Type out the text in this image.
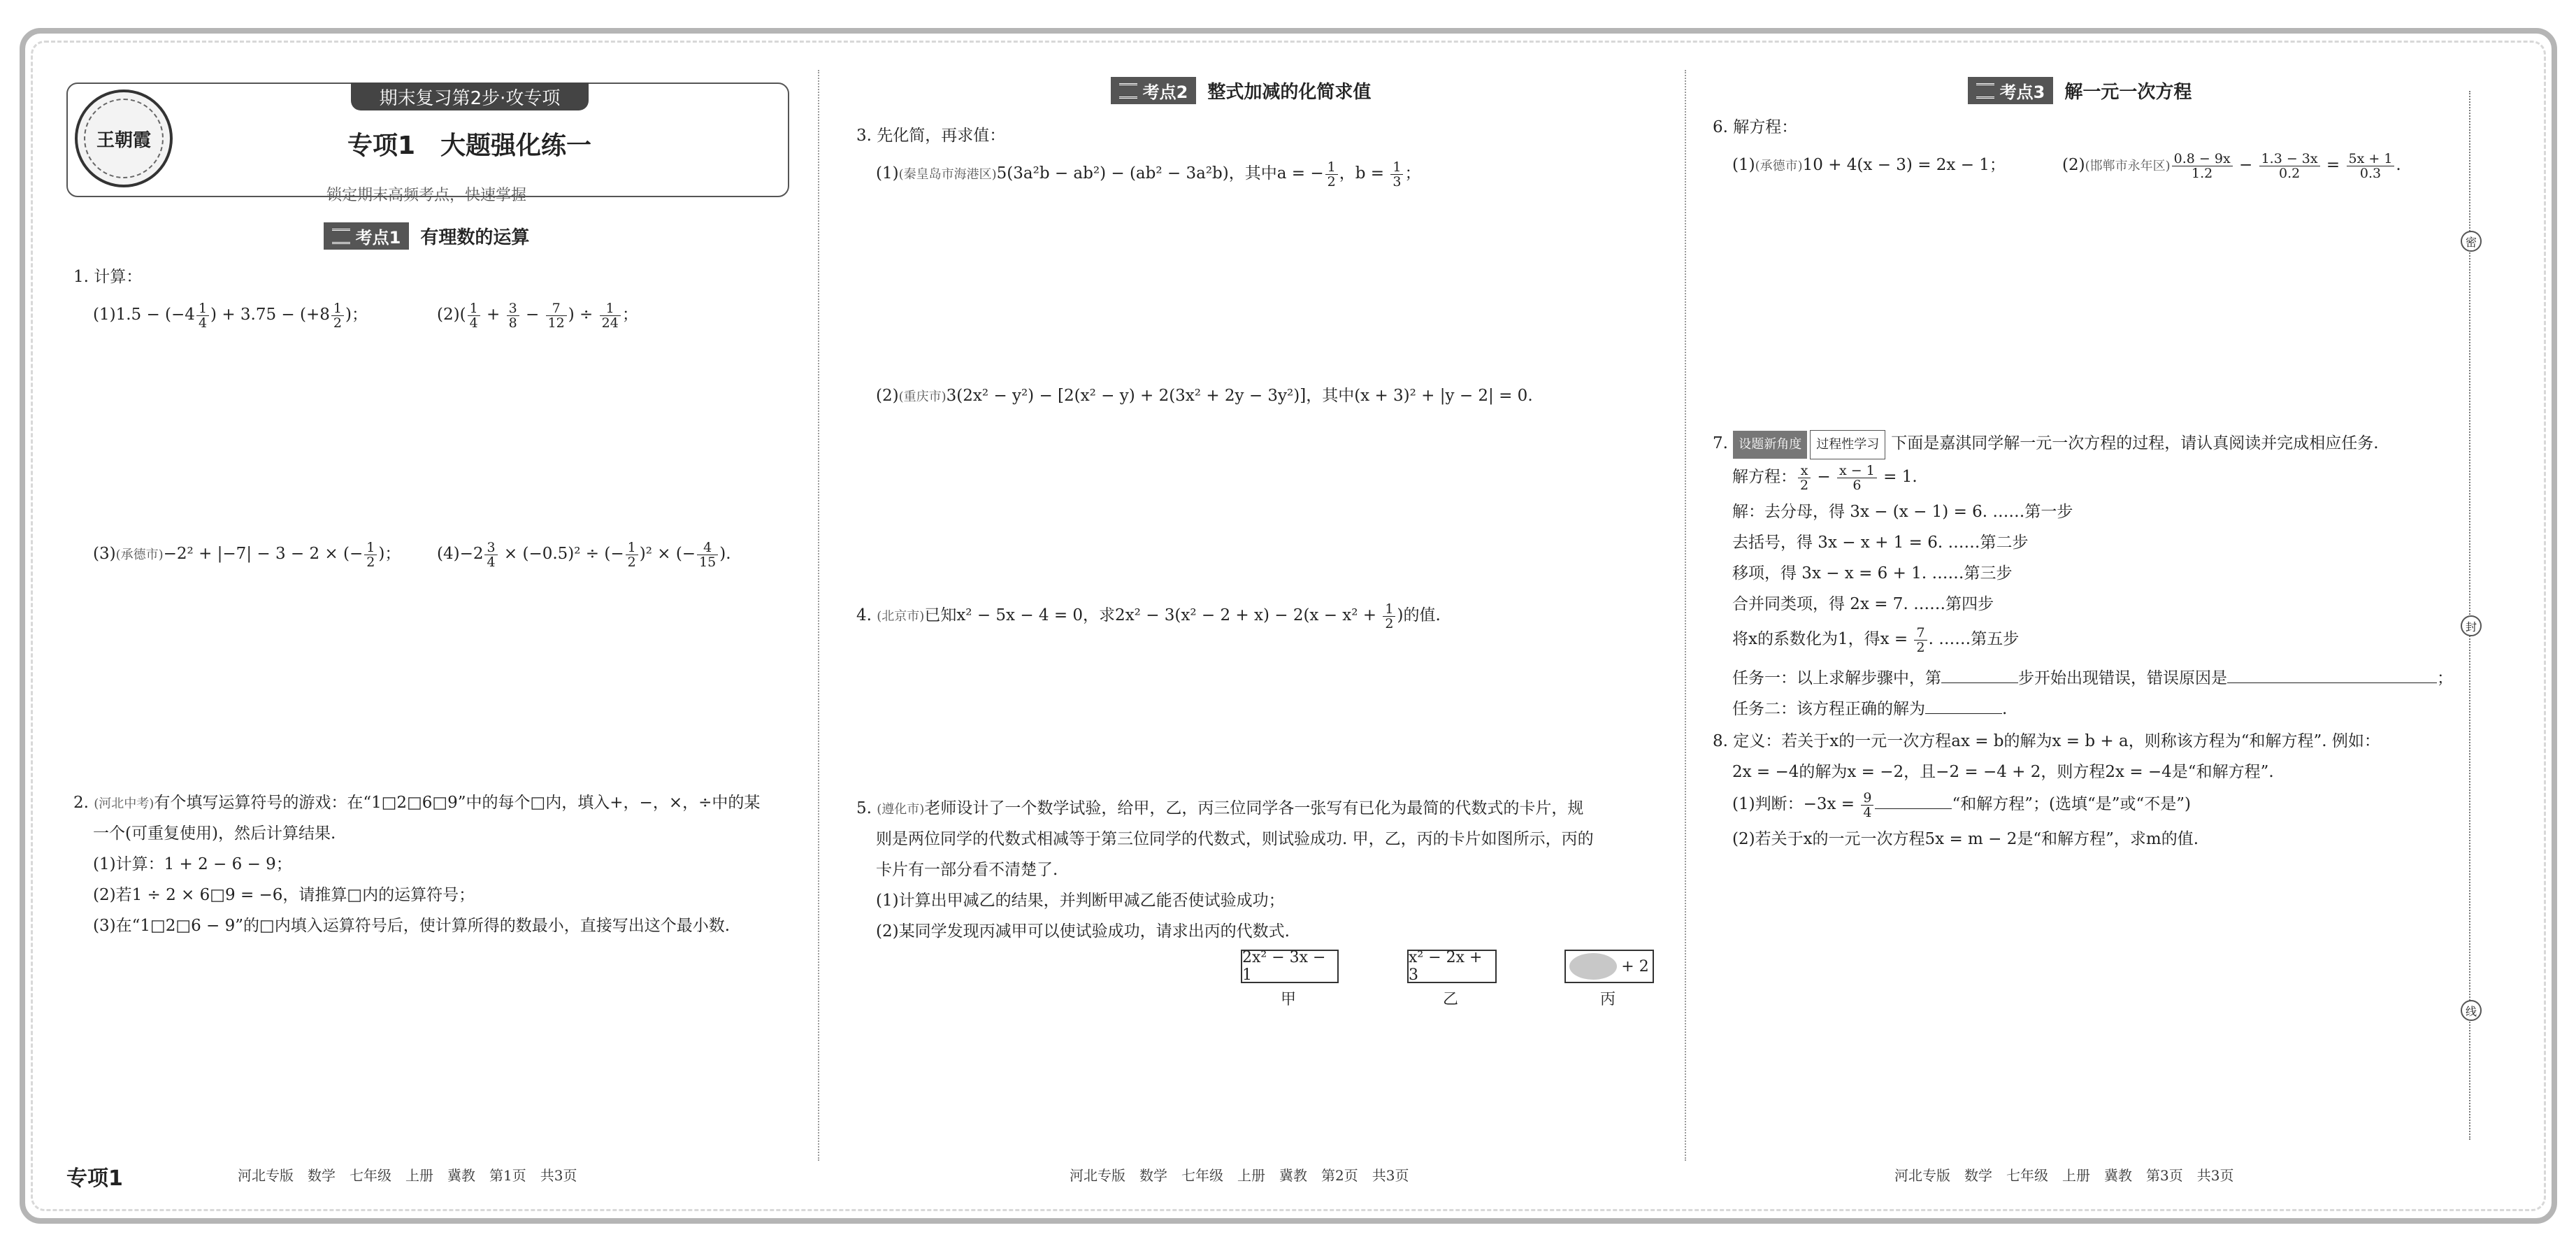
王朝霞
期末复习第2步·攻专项
专项1　大题强化练一
锁定期末高频考点，快速掌握
考点1 有理数的运算
1. 计算：
$(1)1.5 - (-4 \frac{1}{4}$ ) + $3.75 - (+8 \frac{1}{2}$ )；	$(2)( \frac{1}{4} + \frac{3}{8} - \frac{7}{12}$ ) ÷ $\frac{1}{24}$ ；
(3)(承德市)−2² + |−7| − 3 − 2 × (− $\frac{1}{2}$ )； $(4)-2 \frac{3}{4} \times (-0.5)^2$ ÷ (− $\frac{1}{2} )^2$ × (− $\frac{4}{15}$ ).
2. (河北中考)有个填写运算符号的游戏：在“1□2□6□9”中的每个□内，填入+，−，×，÷中的某
一个(可重复使用)，然后计算结果.
(1)计算：1 + 2 − 6 − 9；
(2)若1 ÷ 2 × 6□9 = −6，请推算□内的运算符号；
(3)在“1□2□6 − 9”的□内填入运算符号后，使计算所得的数最小，直接写出这个最小数.
考点2 整式加减的化简求值
3. 先化简，再求值：
(1)(秦皇岛市海港区)5(3a²b − ab²) − (ab² − 3a²b)，其中a = − $\frac{1}{2}$ ，$b = \frac{1}{3}$ ；
(2)(重庆市)3(2x² − y²) − [2(x² − y) + 2(3x² + 2y − 3y²)]，其中(x + 3)² + |y − 2| = 0.
4. (北京市)已知x² − 5x − 4 = 0，求$2x^2 - 3(x^2 - 2 + x) - 2(x - x^2 + \frac{1}{2}$ )的值.
5. (遵化市)老师设计了一个数学试验，给甲，乙，丙三位同学各一张写有已化为最简的代数式的卡片，规
则是两位同学的代数式相减等于第三位同学的代数式，则试验成功. 甲，乙，丙的卡片如图所示，丙的
卡片有一部分看不清楚了.
(1)计算出甲减乙的结果，并判断甲减乙能否使试验成功；
(2)某同学发现丙减甲可以使试验成功，请求出丙的代数式.
2x² − 3x − 1
甲
x² − 2x + 3
乙
+ 2
丙
考点3 解一元一次方程
6. 解方程：
(1)(承德市)10 + 4(x − 3) = 2x − 1；	(2)(邯郸市永年区) $\frac{0.8 - 9x}{1.2} - \frac{1.3 - 3x}{0.2} = \frac{5x + 1}{0.3}$ .
7. 设题新角度 过程性学习 下面是嘉淇同学解一元一次方程的过程，请认真阅读并完成相应任务.
解方程： $\frac{x}{2} - \frac{x - 1}{6} = 1$.
解：去分母，得 3x − (x − 1) = 6. ……第一步
去括号，得 3x − x + 1 = 6. ……第二步
移项，得 3x − x = 6 + 1. ……第三步
合并同类项，得 2x = 7. ……第四步
将x的系数化为1，得$x = \frac{7}{2}$ . ……第五步
任务一：以上求解步骤中，第	步开始出现错误，错误原因是	；
任务二：该方程正确的解为	.
8. 定义：若关于x的一元一次方程ax = b的解为x = b + a，则称该方程为“和解方程”. 例如：
2x = −4的解为x = −2，且−2 = −4 + 2，则方程2x = −4是“和解方程”.
(1)判断：$-3x = \frac{9}{4}$	“和解方程”；(选填“是”或“不是”)
(2)若关于x的一元一次方程5x = m − 2是“和解方程”，求m的值.
密
封
线
专项1	河北专版　数学　七年级　上册　冀教　第1页　共3页	河北专版　数学　七年级　上册　冀教　第2页　共3页	河北专版　数学　七年级　上册　冀教　第3页　共3页
